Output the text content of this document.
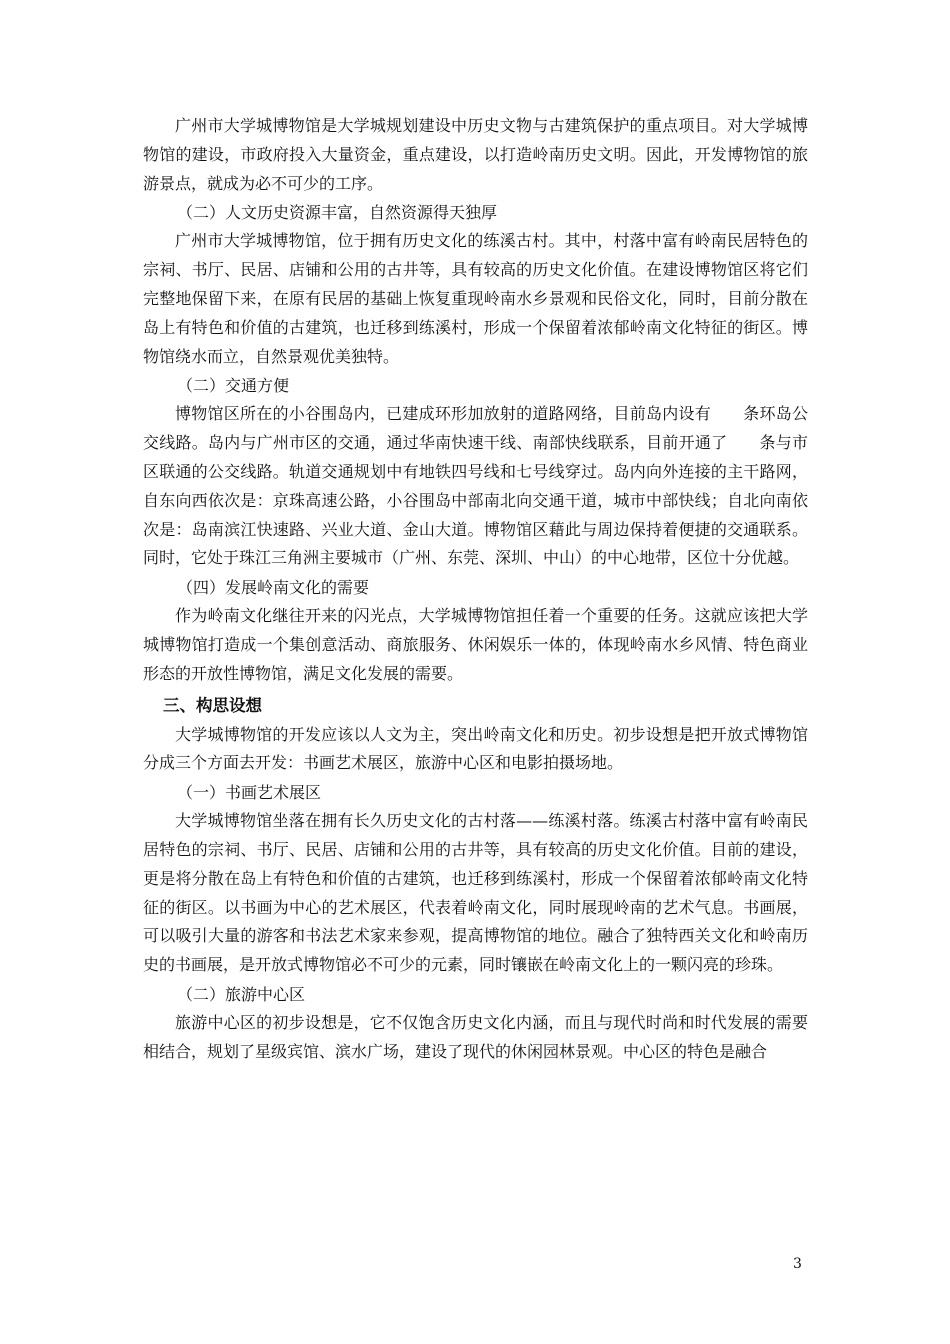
广州市大学城博物馆是大学城规划建设中历史文物与古建筑保护的重点项目。对大学城博物馆的建设，市政府投入大量资金，重点建设，以打造岭南历史文明。因此，开发博物馆的旅游景点，就成为必不可少的工序。

（二）人文历史资源丰富，自然资源得天独厚

广州市大学城博物馆，位于拥有历史文化的练溪古村。其中，村落中富有岭南民居特色的宗祠、书厅、民居、店铺和公用的古井等，具有较高的历史文化价值。在建设博物馆区将它们完整地保留下来，在原有民居的基础上恢复重现岭南水乡景观和民俗文化，同时，目前分散在岛上有特色和价值的古建筑，也迁移到练溪村，形成一个保留着浓郁岭南文化特征的街区。博物馆绕水而立，自然景观优美独特。

（二）交通方便

博物馆区所在的小谷围岛内，已建成环形加放射的道路网络，目前岛内设有 条环岛公交线路。岛内与广州市区的交通，通过华南快速干线、南部快线联系，目前开通了 条与市区联通的公交线路。轨道交通规划中有地铁四号线和七号线穿过。岛内向外连接的主干路网，自东向西依次是：京珠高速公路，小谷围岛中部南北向交通干道，城市中部快线；自北向南依次是：岛南滨江快速路、兴业大道、金山大道。博物馆区藉此与周边保持着便捷的交通联系。同时，它处于珠江三角洲主要城市（广州、东莞、深圳、中山）的中心地带，区位十分优越。

（四）发展岭南文化的需要

作为岭南文化继往开来的闪光点，大学城博物馆担任着一个重要的任务。这就应该把大学城博物馆打造成一个集创意活动、商旅服务、休闲娱乐一体的，体现岭南水乡风情、特色商业形态的开放性博物馆，满足文化发展的需要。

三、构思设想

大学城博物馆的开发应该以人文为主，突出岭南文化和历史。初步设想是把开放式博物馆分成三个方面去开发：书画艺术展区，旅游中心区和电影拍摄场地。

（一）书画艺术展区

大学城博物馆坐落在拥有长久历史文化的古村落——练溪村落。练溪古村落中富有岭南民居特色的宗祠、书厅、民居、店铺和公用的古井等，具有较高的历史文化价值。目前的建设，更是将分散在岛上有特色和价值的古建筑，也迁移到练溪村，形成一个保留着浓郁岭南文化特征的街区。以书画为中心的艺术展区，代表着岭南文化，同时展现岭南的艺术气息。书画展，可以吸引大量的游客和书法艺术家来参观，提高博物馆的地位。融合了独特西关文化和岭南历史的书画展，是开放式博物馆必不可少的元素，同时镶嵌在岭南文化上的一颗闪亮的珍珠。

（二）旅游中心区

旅游中心区的初步设想是，它不仅饱含历史文化内涵，而且与现代时尚和时代发展的需要相结合，规划了星级宾馆、滨水广场，建设了现代的休闲园林景观。中心区的特色是融合

3
